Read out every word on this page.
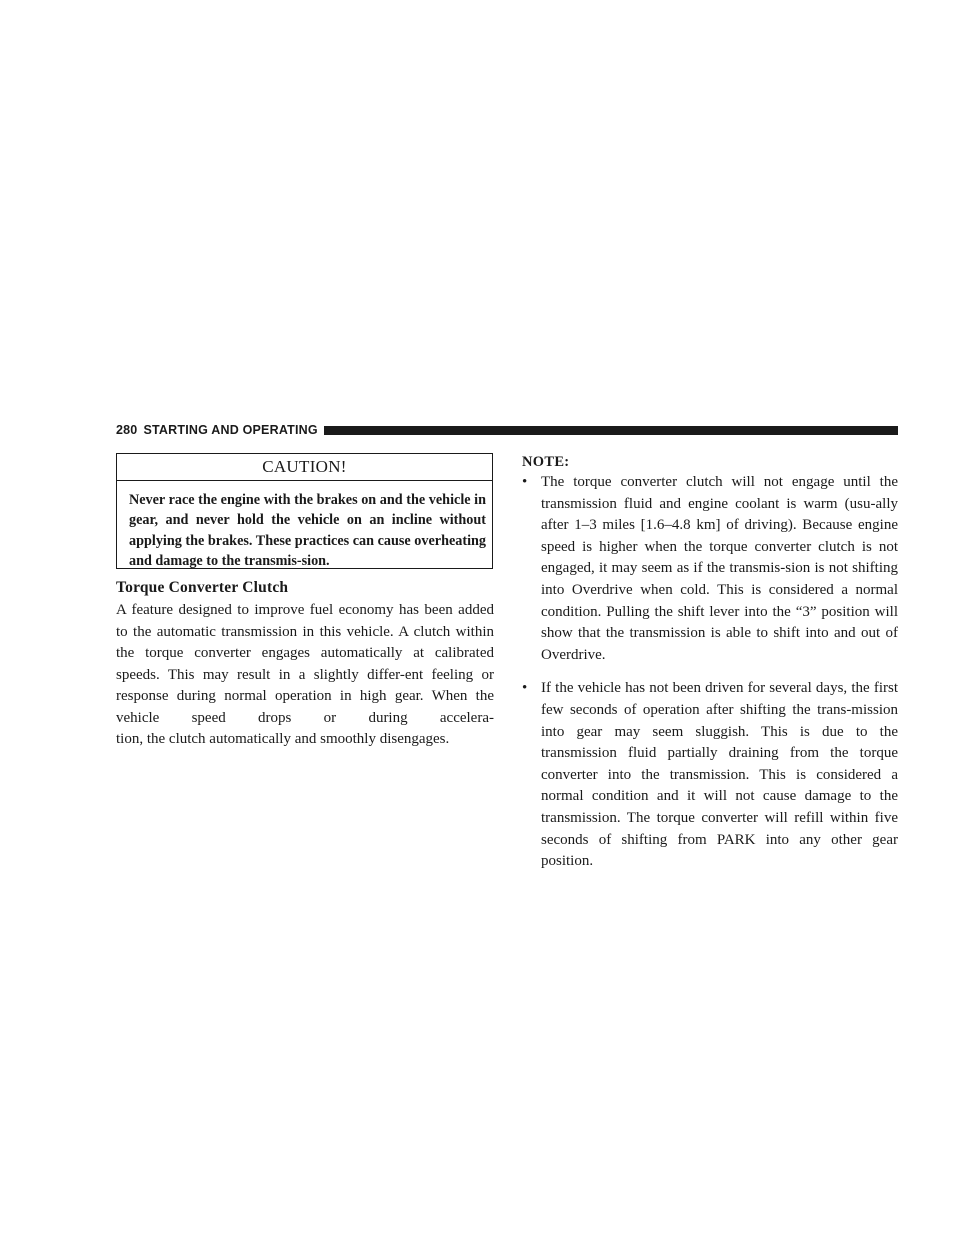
280 STARTING AND OPERATING
CAUTION!
Never race the engine with the brakes on and the vehicle in gear, and never hold the vehicle on an incline without applying the brakes. These practices can cause overheating and damage to the transmis-sion.
Torque Converter Clutch
A feature designed to improve fuel economy has been added to the automatic transmission in this vehicle. A clutch within the torque converter engages automatically at calibrated speeds. This may result in a slightly differ-ent feeling or response during normal operation in high gear. When the vehicle speed drops or during accelera-
tion, the clutch automatically and smoothly disengages.
NOTE:
• The torque converter clutch will not engage until the transmission fluid and engine coolant is warm (usu-ally after 1–3 miles [1.6–4.8 km] of driving). Because engine speed is higher when the torque converter clutch is not engaged, it may seem as if the transmis-sion is not shifting into Overdrive when cold. This is considered a normal condition. Pulling the shift lever into the “3” position will show that the transmission is able to shift into and out of Overdrive.
• If the vehicle has not been driven for several days, the first few seconds of operation after shifting the trans-mission into gear may seem sluggish. This is due to the transmission fluid partially draining from the torque converter into the transmission. This is considered a normal condition and it will not cause damage to the transmission. The torque converter will refill within five seconds of shifting from PARK into any other gear position.
